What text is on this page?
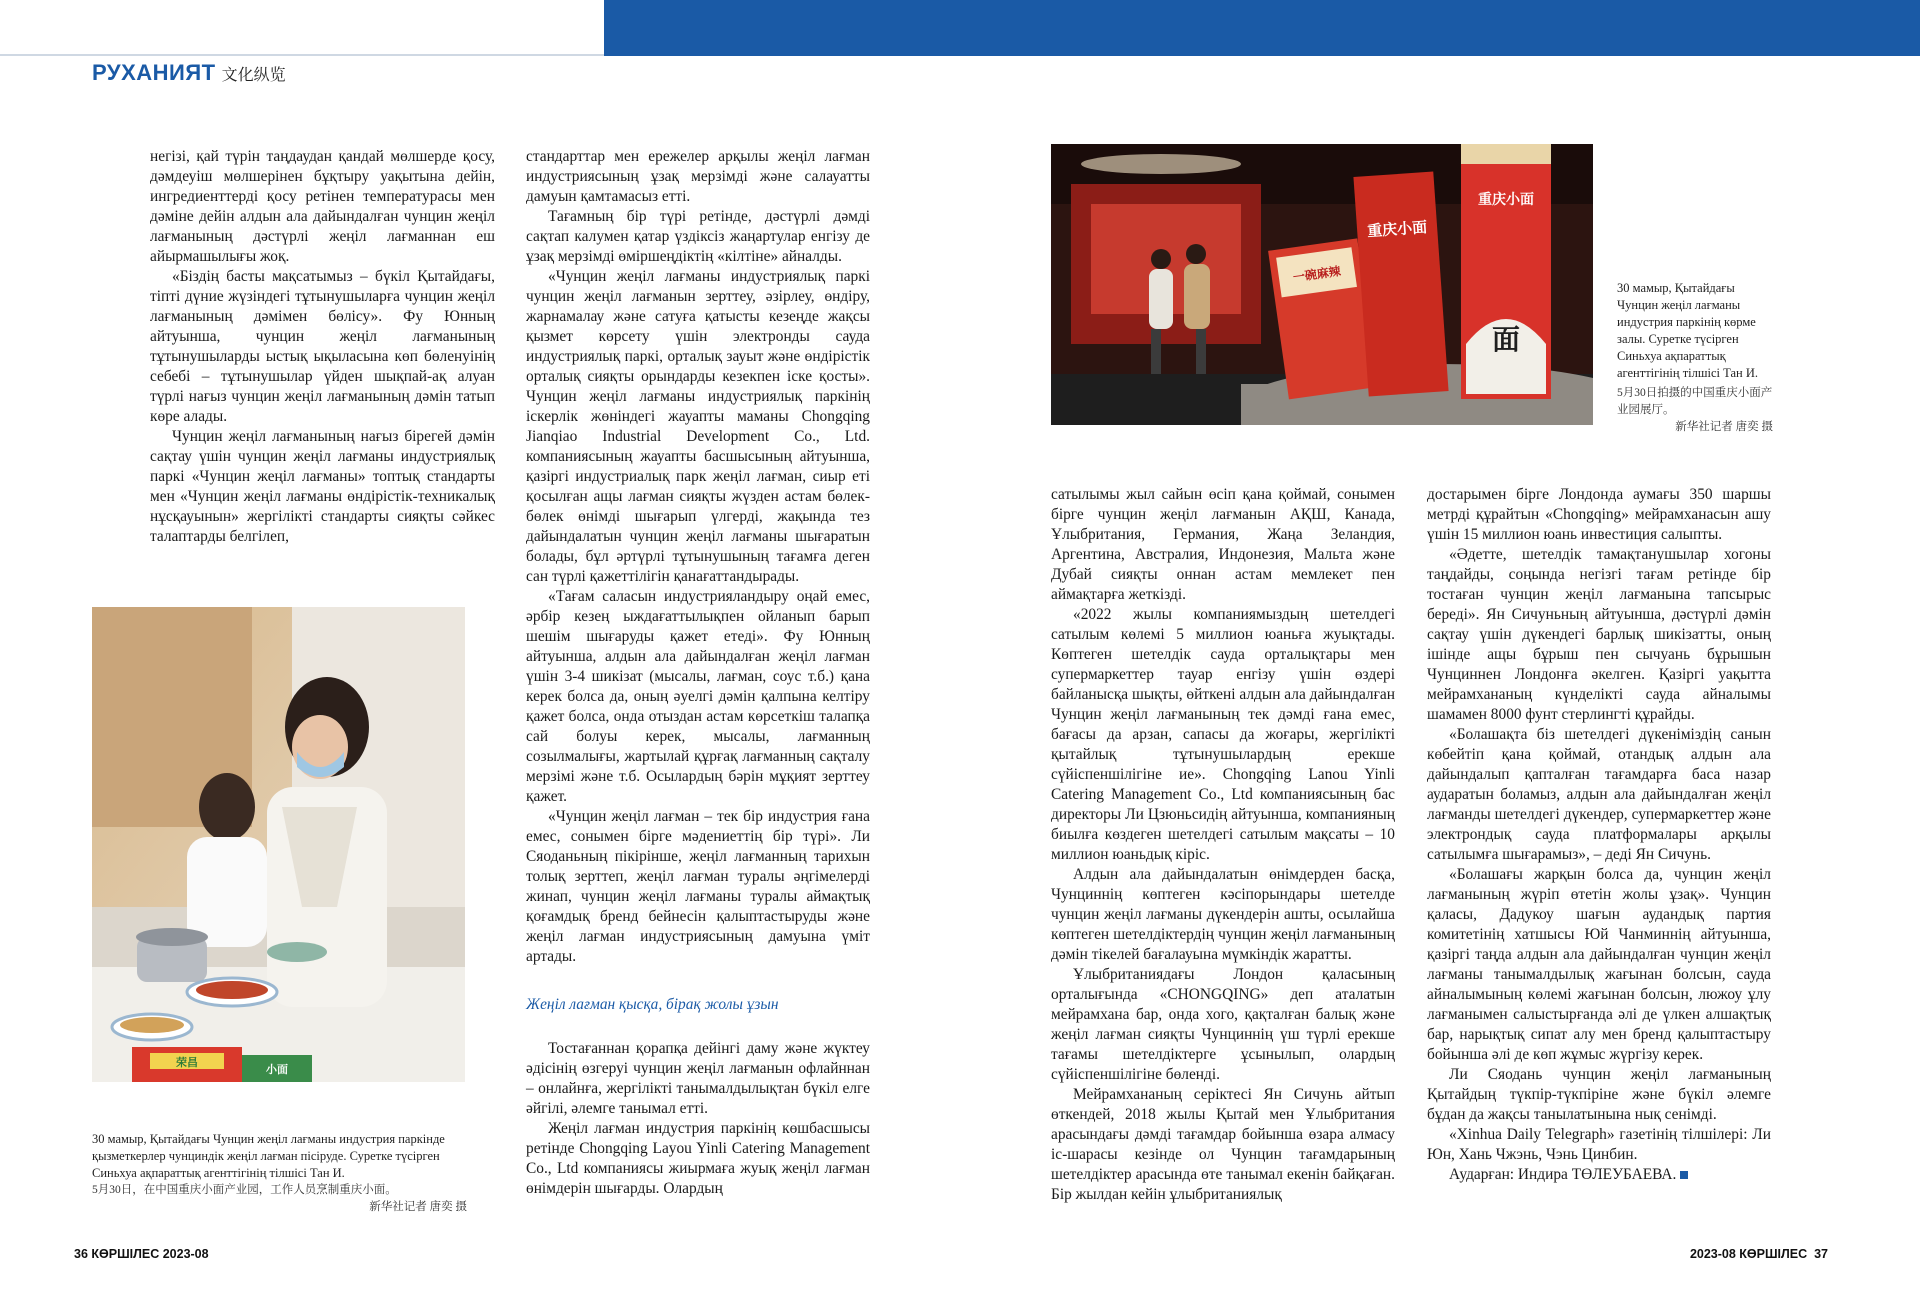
РУХАНИЯТ 文化纵览

негізі, қай түрін таңдаудан қандай мөлшерде қосу, дәмдеуіш мөлшерінен бұқтыру уақытына дейін, ингредиенттерді қосу ретінен температурасы мен дәміне дейін алдын ала дайындалған чунцин жеңіл лағманының дәстүрлі жеңіл лағманнан еш айырмашылығы жоқ.

«Біздің басты мақсатымыз – бүкіл Қытайдағы, тіпті дүние жүзіндегі тұтынушыларға чунцин жеңіл лағманының дәмімен бөлісу». Фу Юнның айтуынша, чунцин жеңіл лағманының тұтынушыларды ыстық ықыласына көп бөленуінің себебі – тұтынушылар үйден шықпай-ақ алуан түрлі нағыз чунцин жеңіл лағманының дәмін татып көре алады.

Чунцин жеңіл лағманының нағыз бірегей дәмін сақтау үшін чунцин жеңіл лағманы индустриялық паркі «Чунцин жеңіл лағманы» топтық стандарты мен «Чунцин жеңіл лағманы өндірістік-техникалық нұсқауынын» жергілікті стандарты сияқты сәйкес талаптарды белгілеп,

стандарттар мен ережелер арқылы жеңіл лағман индустриясының ұзақ мерзімді және салауатты дамуын қамтамасыз етті.

Тағамның бір түрі ретінде, дәстүрлі дәмді сақтап калумен қатар үздіксіз жаңартулар енгізу де ұзақ мерзімді өміршеңдіктің «кілтіне» айналды.

«Чунцин жеңіл лағманы индустриялық паркі чунцин жеңіл лағманын зерттеу, әзірлеу, өндіру, жарнамалау және сатуға қатысты кезеңде жақсы қызмет көрсету үшін электронды сауда индустриялық паркі, орталық зауыт және өндірістік орталық сияқты орындарды кезекпен іске қосты». Чунцин жеңіл лағманы индустриялық паркінің іскерлік жөніндегі жауапты маманы Chongqing Jianqiao Industrial Development Co., Ltd. компаниясының жауапты басшысының айтуынша, қазіргі индустриалық парк жеңіл лағман, сиыр еті қосылған ащы лағман сияқты жүзден астам бөлек-бөлек өнімді шығарып үлгерді, жақында тез дайындалатын чунцин жеңіл лағманы шығаратын болады, бұл әртүрлі тұтынушының тағамға деген сан түрлі қажеттілігін қанағаттандырады.

«Тағам саласын индустрияландыру оңай емес, әрбір кезең ыждағаттылықпен ойланып барып шешім шығаруды қажет етеді». Фу Юнның айтуынша, алдын ала дайындалған жеңіл лағман үшін 3-4 шикізат (мысалы, лағман, соус т.б.) қана керек болса да, оның әуелгі дәмін қалпына келтіру қажет болса, онда отыздан астам көрсеткіш талапқа сай болуы керек, мысалы, лағманның созылмалығы, жартылай құрғақ лағманның сақталу мерзімі және т.б. Осылардың бәрін мұқият зерттеу қажет.

«Чунцин жеңіл лағман – тек бір индустрия ғана емес, сонымен бірге мәдениеттің бір түрі». Ли Сяоданьның пікірінше, жеңіл лағманның тарихын толық зерттеп, жеңіл лағман туралы әңгімелерді жинап, чунцин жеңіл лағманы туралы аймақтық қоғамдық бренд бейнесін қалыптастыруды және жеңіл лағман индустриясының дамуына үміт артады.

Жеңіл лағман қысқа, бірақ жолы ұзын

Тостағаннан қорапқа дейінгі даму және жүктеу әдісінің өзгеруі чунцин жеңіл лағманын офлайннан – онлайнға, жергілікті танымалдылықтан бүкіл елге әйгілі, әлемге танымал етті.

Жеңіл лағман индустрия паркінің көшбасшысы ретінде Chongqing Layou Yinli Catering Management Co., Ltd компаниясы жиырмаға жуық жеңіл лағман өнімдерін шығарды. Олардың

сатылымы жыл сайын өсіп қана қоймай, сонымен бірге чунцин жеңіл лағманын АҚШ, Канада, Ұлыбритания, Германия, Жаңа Зеландия, Аргентина, Австралия, Индонезия, Мальта және Дубай сияқты оннан астам мемлекет пен аймақтарға жеткізді.

«2022 жылы компаниямыздың шетелдегі сатылым көлемі 5 миллион юаньға жуықтады. Көптеген шетелдік сауда орталықтары мен супермаркеттер тауар енгізу үшін өздері байланысқа шықты, өйткені алдын ала дайындалған Чунцин жеңіл лағманының тек дәмді ғана емес, бағасы да арзан, сапасы да жоғары, жергілікті қытайлық тұтынушылардың ерекше сүйіспеншілігіне ие». Chongqing Lanou Yinli Catering Management Co., Ltd компаниясының бас директоры Ли Цзюньсидің айтуынша, компанияның биылға көздеген шетелдегі сатылым мақсаты – 10 миллион юаньдық кіріс.

Алдын ала дайындалатын өнімдерден басқа, Чунциннің көптеген кәсіпорындары шетелде чунцин жеңіл лағманы дүкендерін ашты, осылайша көптеген шетелдіктердің чунцин жеңіл лағманының дәмін тікелей бағалауына мүмкіндік жаратты.

Ұлыбританиядағы Лондон қаласының орталығында «CHONGQING» деп аталатын мейрамхана бар, онда хого, қақталған балық және жеңіл лағман сияқты Чунциннің үш түрлі ерекше тағамы шетелдіктерге ұсынылып, олардың сүйіспеншілігіне бөленді.

Мейрамхананың серіктесі Ян Сичунь айтып өткендей, 2018 жылы Қытай мен Ұлыбритания арасындағы дәмді тағамдар бойынша өзара алмасу іс-шарасы кезінде ол Чунцин тағамдарының шетелдіктер арасында өте танымал екенін байқаған. Бір жылдан кейін ұлыбританиялық

достарымен бірге Лондонда аумағы 350 шаршы метрді құрайтын «Chongqing» мейрамханасын ашу үшін 15 миллион юань инвестиция салыпты.

«Әдетте, шетелдік тамақтанушылар хогоны таңдайды, соңында негізгі тағам ретінде бір тостаған чунцин жеңіл лағманына тапсырыс береді». Ян Сичуньның айтуынша, дәстүрлі дәмін сақтау үшін дүкендегі барлық шикізатты, оның ішінде ащы бұрыш пен сычуань бұрышын Чунциннен Лондонға әкелген. Қазіргі уақытта мейрамхананың күнделікті сауда айналымы шамамен 8000 фунт стерлингті құрайды.

«Болашақта біз шетелдегі дүкеніміздің санын көбейтіп қана қоймай, отандық алдын ала дайындалып қапталған тағамдарға баса назар аударатын боламыз, алдын ала дайындалған жеңіл лағманды шетелдегі дүкендер, супермаркеттер және электрондық сауда платформалары арқылы сатылымға шығарамыз», – деді Ян Сичунь.

«Болашағы жарқын болса да, чунцин жеңіл лағманының жүріп өтетін жолы ұзақ». Чунцин қаласы, Дадукоу шағын аудандық партия комитетінің хатшысы Юй Чанминнің айтуынша, қазіргі таңда алдын ала дайындалған чунцин жеңіл лағманы танымалдылық жағынан болсын, сауда айналымының көлемі жағынан болсын, люжоу ұлу лағманымен салыстырғанда әлі де үлкен алшақтық бар, нарықтық сипат алу мен бренд қалыптастыру бойынша әлі де көп жұмыс жүргізу керек.

Ли Сяодань чунцин жеңіл лағманының Қытайдың түкпір-түкпіріне және бүкіл әлемге бұдан да жақсы танылатынына нық сенімді.

«Xinhua Daily Telegraph» газетінің тілшілері: Ли Юн, Хань Чжэнь, Чэнь Цинбин.

Аударған: Индира ТӨЛЕУБАЕВА.

荣昌
小面
30 мамыр, Қытайдағы Чунцин жеңіл лағманы индустрия паркінде қызметкерлер чунциндік жеңіл лағман пісіруде. Суретке түсірген Синьхуа ақпараттық агенттігінің тілшісі Тан И.
5月30日，在中国重庆小面产业园，工作人员烹制重庆小面。
新华社记者 唐奕 摄
一碗麻辣
重庆小面
重庆小面
面
30 мамыр, Қытайдағы Чунцин жеңіл лағманы индустрия паркінің көрме залы. Суретке түсірген Синьхуа ақпараттық агенттігінің тілшісі Тан И.
5月30日拍摄的中国重庆小面产业园展厅。
新华社记者 唐奕 摄
36 КӨРШІЛЕС 2023-08	2023-08 КӨРШІЛЕС  37
